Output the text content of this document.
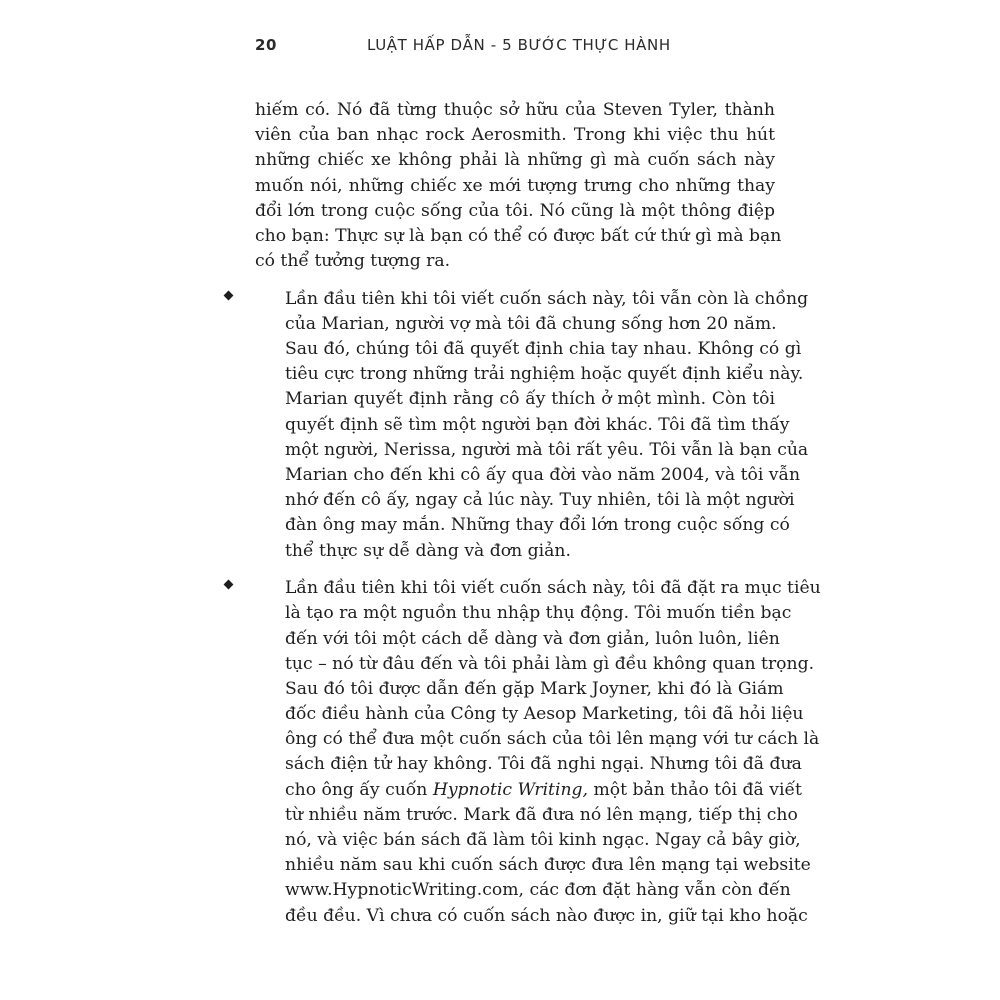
20	LUẬT HẤP DẪN - 5 BƯỚC THỰC HÀNH
hiếm có. Nó đã từng thuộc sở hữu của Steven Tyler, thành
viên của ban nhạc rock Aerosmith. Trong khi việc thu hút
những chiếc xe không phải là những gì mà cuốn sách này
muốn nói, những chiếc xe mới tượng trưng cho những thay
đổi lớn trong cuộc sống của tôi. Nó cũng là một thông điệp
cho bạn: Thực sự là bạn có thể có được bất cứ thứ gì mà bạn
có thể tưởng tượng ra.
Lần đầu tiên khi tôi viết cuốn sách này, tôi vẫn còn là chồng
của Marian, người vợ mà tôi đã chung sống hơn 20 năm.
Sau đó, chúng tôi đã quyết định chia tay nhau. Không có gì
tiêu cực trong những trải nghiệm hoặc quyết định kiểu này.
Marian quyết định rằng cô ấy thích ở một mình. Còn tôi
quyết định sẽ tìm một người bạn đời khác. Tôi đã tìm thấy
một người, Nerissa, người mà tôi rất yêu. Tôi vẫn là bạn của
Marian cho đến khi cô ấy qua đời vào năm 2004, và tôi vẫn
nhớ đến cô ấy, ngay cả lúc này. Tuy nhiên, tôi là một người
đàn ông may mắn. Những thay đổi lớn trong cuộc sống có
thể thực sự dễ dàng và đơn giản.
Lần đầu tiên khi tôi viết cuốn sách này, tôi đã đặt ra mục tiêu
là tạo ra một nguồn thu nhập thụ động. Tôi muốn tiền bạc
đến với tôi một cách dễ dàng và đơn giản, luôn luôn, liên
tục – nó từ đâu đến và tôi phải làm gì đều không quan trọng.
Sau đó tôi được dẫn đến gặp Mark Joyner, khi đó là Giám
đốc điều hành của Công ty Aesop Marketing, tôi đã hỏi liệu
ông có thể đưa một cuốn sách của tôi lên mạng với tư cách là
sách điện tử hay không. Tôi đã nghi ngại. Nhưng tôi đã đưa
cho ông ấy cuốn Hypnotic Writing, một bản thảo tôi đã viết
từ nhiều năm trước. Mark đã đưa nó lên mạng, tiếp thị cho
nó, và việc bán sách đã làm tôi kinh ngạc. Ngay cả bây giờ,
nhiều năm sau khi cuốn sách được đưa lên mạng tại website
www.HypnoticWriting.com, các đơn đặt hàng vẫn còn đến
đều đều. Vì chưa có cuốn sách nào được in, giữ tại kho hoặc
